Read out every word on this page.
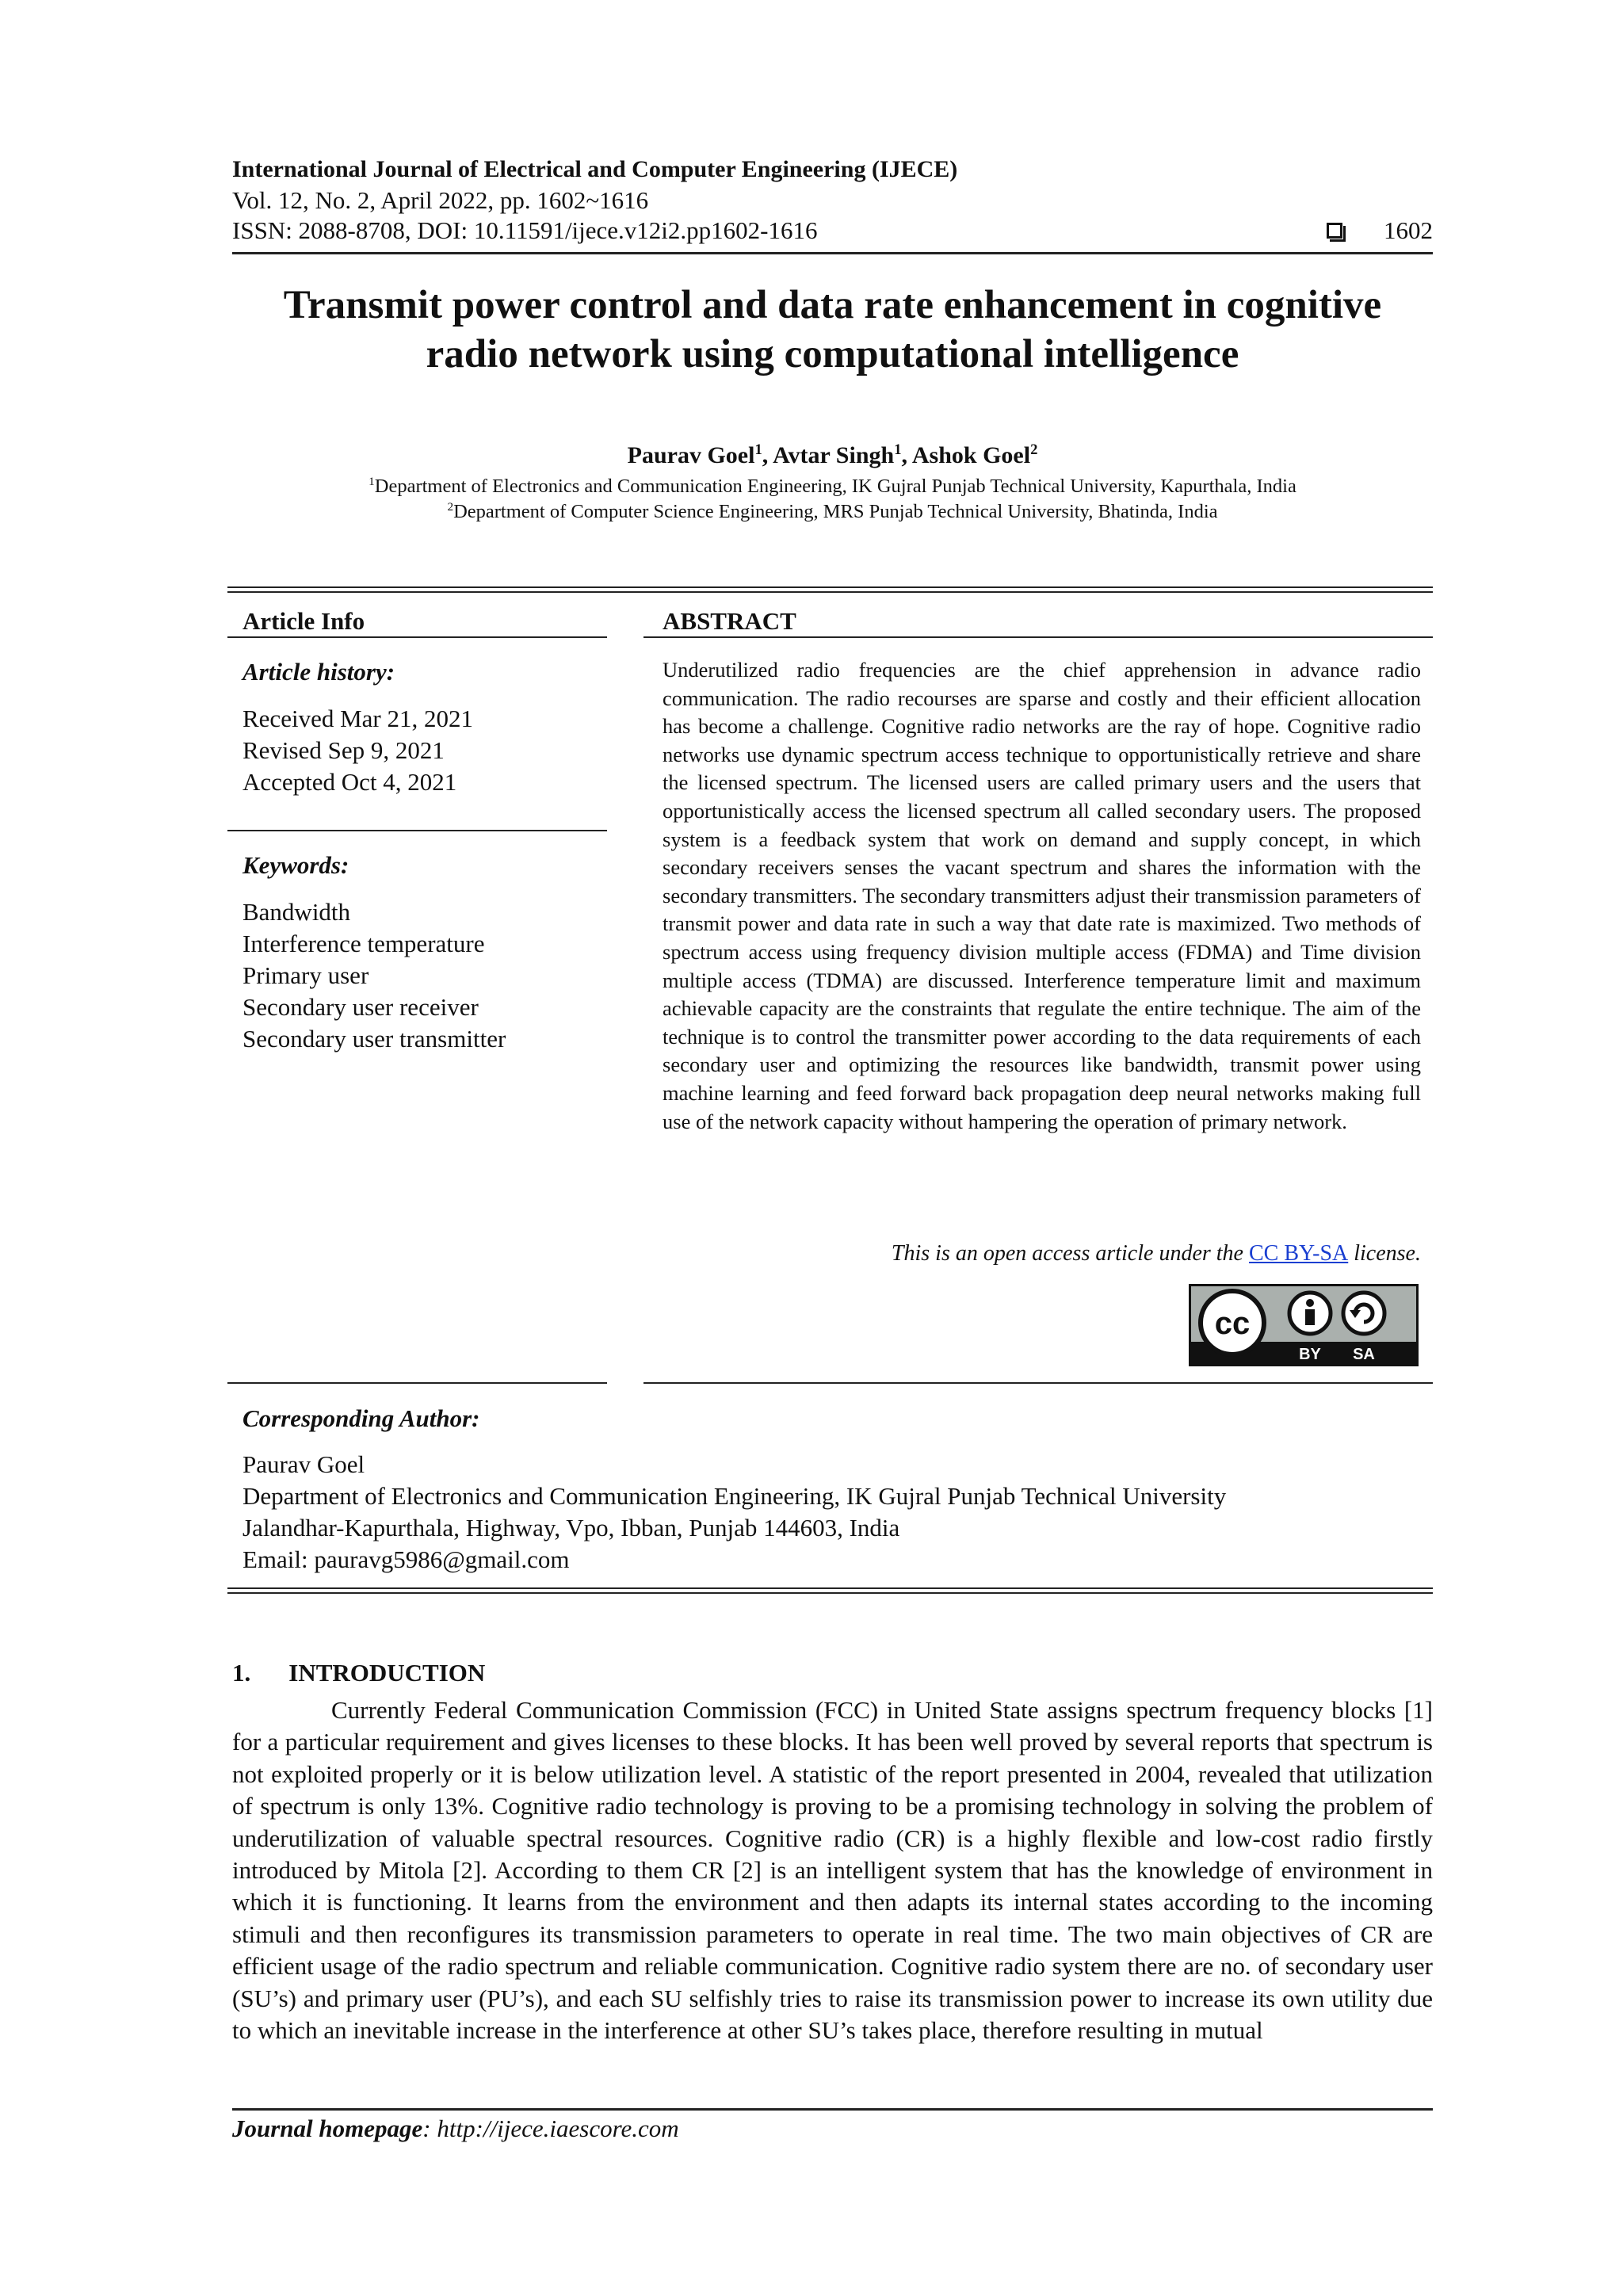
International Journal of Electrical and Computer Engineering (IJECE)
Vol. 12, No. 2, April 2022, pp. 1602~1616
ISSN: 2088-8708, DOI: 10.11591/ijece.v12i2.pp1602-1616	1602
Transmit power control and data rate enhancement in cognitive
radio network using computational intelligence
Paurav Goel$^1$, Avtar Singh$^1$, Ashok Goel$^2$
$^1$Department of Electronics and Communication Engineering, IK Gujral Punjab Technical University, Kapurthala, India
$^2$Department of Computer Science Engineering, MRS Punjab Technical University, Bhatinda, India
Article Info	ABSTRACT
Article history:
Received Mar 21, 2021
Revised Sep 9, 2021
Accepted Oct 4, 2021
Keywords:
Bandwidth
Interference temperature
Primary user
Secondary user receiver
Secondary user transmitter
Underutilized radio frequencies are the chief apprehension in advance radio communication. The radio recourses are sparse and costly and their efficient allocation has become a challenge. Cognitive radio networks are the ray of hope. Cognitive radio networks use dynamic spectrum access technique to opportunistically retrieve and share the licensed spectrum. The licensed users are called primary users and the users that opportunistically access the licensed spectrum all called secondary users. The proposed system is a feedback system that work on demand and supply concept, in which secondary receivers senses the vacant spectrum and shares the information with the secondary transmitters. The secondary transmitters adjust their transmission parameters of transmit power and data rate in such a way that date rate is maximized. Two methods of spectrum access using frequency division multiple access (FDMA) and Time division multiple access (TDMA) are discussed. Interference temperature limit and maximum achievable capacity are the constraints that regulate the entire technique. The aim of the technique is to control the transmitter power according to the data requirements of each secondary user and optimizing the resources like bandwidth, transmit power using machine learning and feed forward back propagation deep neural networks making full use of the network capacity without hampering the operation of primary network.
This is an open access article under the CC BY-SA license.
cc
BY SA
Corresponding Author:
Paurav Goel
Department of Electronics and Communication Engineering, IK Gujral Punjab Technical University
Jalandhar-Kapurthala, Highway, Vpo, Ibban, Punjab 144603, India
Email: pauravg5986@gmail.com
1. INTRODUCTION

Currently Federal Communication Commission (FCC) in United State assigns spectrum frequency blocks [1] for a particular requirement and gives licenses to these blocks. It has been well proved by several reports that spectrum is not exploited properly or it is below utilization level. A statistic of the report presented in 2004, revealed that utilization of spectrum is only 13%. Cognitive radio technology is proving to be a promising technology in solving the problem of underutilization of valuable spectral resources. Cognitive radio (CR) is a highly flexible and low-cost radio firstly introduced by Mitola [2]. According to them CR [2] is an intelligent system that has the knowledge of environment in which it is functioning. It learns from the environment and then adapts its internal states according to the incoming stimuli and then reconfigures its transmission parameters to operate in real time. The two main objectives of CR are efficient usage of the radio spectrum and reliable communication. Cognitive radio system there are no. of secondary user (SU’s) and primary user (PU’s), and each SU selfishly tries to raise its transmission power to increase its own utility due to which an inevitable increase in the interference at other SU’s takes place, therefore resulting in mutual

Journal homepage: http://ijece.iaescore.com
